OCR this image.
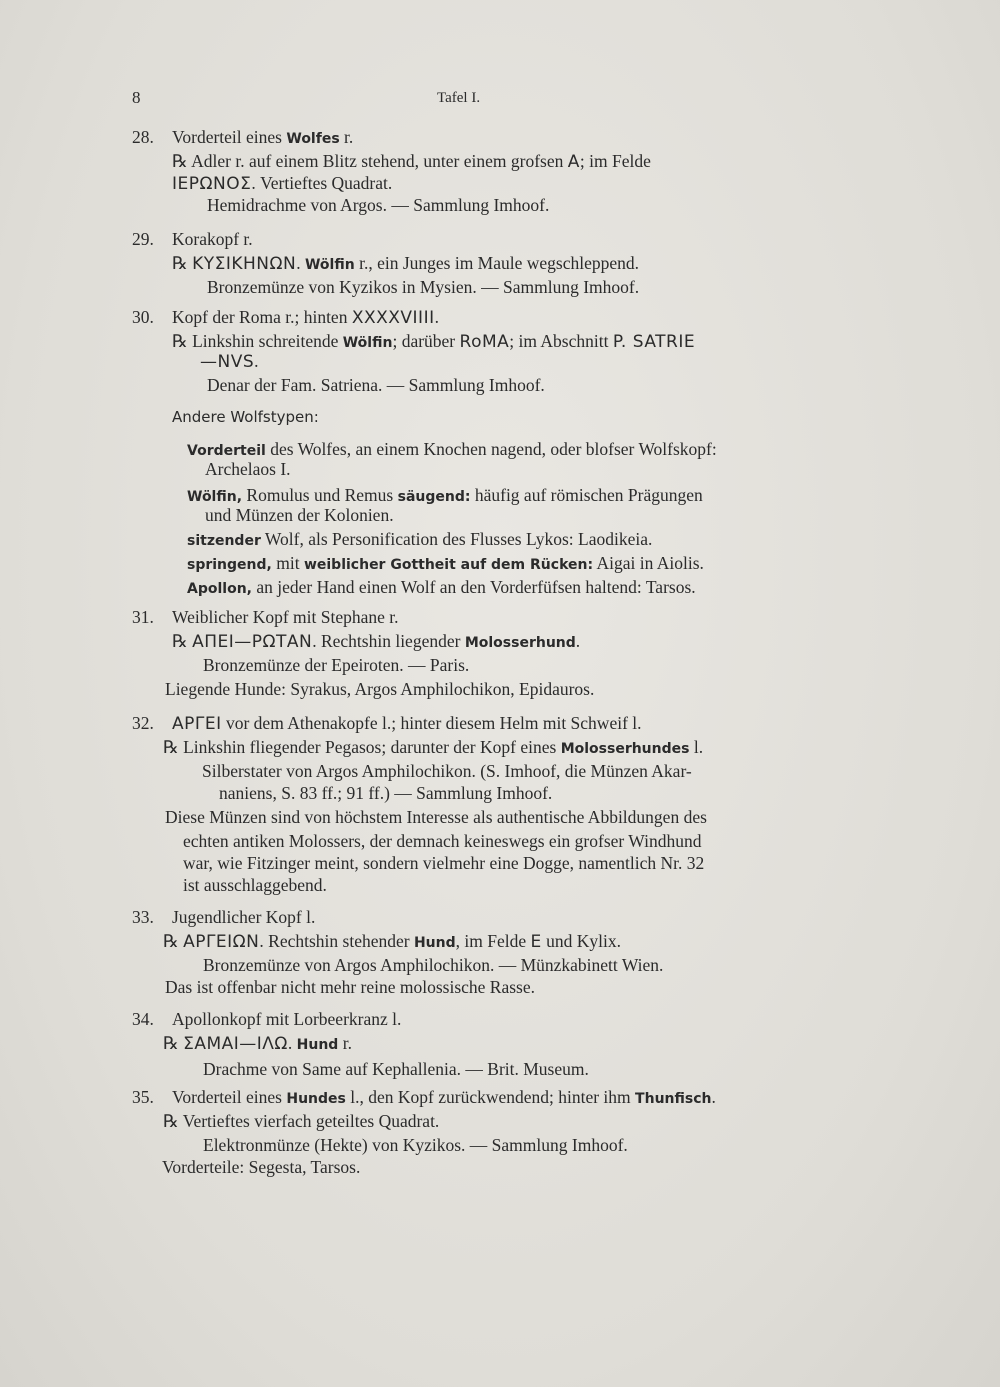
8	Tafel I.
28. Vorderteil eines Wolfes r.
℞ Adler r. auf einem Blitz stehend, unter einem grofsen Α; im Felde
ΙΕΡΩΝΟΣ. Vertieftes Quadrat.
Hemidrachme von Argos. — Sammlung Imhoof.
29. Korakopf r.
℞ ΚΥΣΙΚΗΝΩΝ. Wölfin r., ein Junges im Maule wegschleppend.
Bronzemünze von Kyzikos in Mysien. — Sammlung Imhoof.
30. Kopf der Roma r.; hinten XXXXVIIII.
℞ Linkshin schreitende Wölfin; darüber RoMA; im Abschnitt P. SATRIE
—NVS.
Denar der Fam. Satriena. — Sammlung Imhoof.
Andere Wolfstypen:
Vorderteil des Wolfes, an einem Knochen nagend, oder blofser Wolfskopf:
Archelaos I.
Wölfin, Romulus und Remus säugend: häufig auf römischen Prägungen
und Münzen der Kolonien.
sitzender Wolf, als Personification des Flusses Lykos: Laodikeia.
springend, mit weiblicher Gottheit auf dem Rücken: Aigai in Aiolis.
Apollon, an jeder Hand einen Wolf an den Vorderfüfsen haltend: Tarsos.
31. Weiblicher Kopf mit Stephane r.
℞ ΑΠΕΙ—ΡΩΤΑΝ. Rechtshin liegender Molosserhund.
Bronzemünze der Epeiroten. — Paris.
Liegende Hunde: Syrakus, Argos Amphilochikon, Epidauros.
32. ΑΡΓΕΙ vor dem Athenakopfe l.; hinter diesem Helm mit Schweif l.
℞ Linkshin fliegender Pegasos; darunter der Kopf eines Molosserhundes l.
Silberstater von Argos Amphilochikon. (S. Imhoof, die Münzen Akar-
naniens, S. 83 ff.; 91 ff.) — Sammlung Imhoof.
Diese Münzen sind von höchstem Interesse als authentische Abbildungen des
echten antiken Molossers, der demnach keineswegs ein grofser Windhund
war, wie Fitzinger meint, sondern vielmehr eine Dogge, namentlich Nr. 32
ist ausschlaggebend.
33. Jugendlicher Kopf l.
℞ ΑΡΓΕΙΩΝ. Rechtshin stehender Hund, im Felde Ε und Kylix.
Bronzemünze von Argos Amphilochikon. — Münzkabinett Wien.
Das ist offenbar nicht mehr reine molossische Rasse.
34. Apollonkopf mit Lorbeerkranz l.
℞ ΣΑΜΑΙ—ΙΛΩ. Hund r.
Drachme von Same auf Kephallenia. — Brit. Museum.
35. Vorderteil eines Hundes l., den Kopf zurückwendend; hinter ihm Thunfisch.
℞ Vertieftes vierfach geteiltes Quadrat.
Elektronmünze (Hekte) von Kyzikos. — Sammlung Imhoof.
Vorderteile: Segesta, Tarsos.
